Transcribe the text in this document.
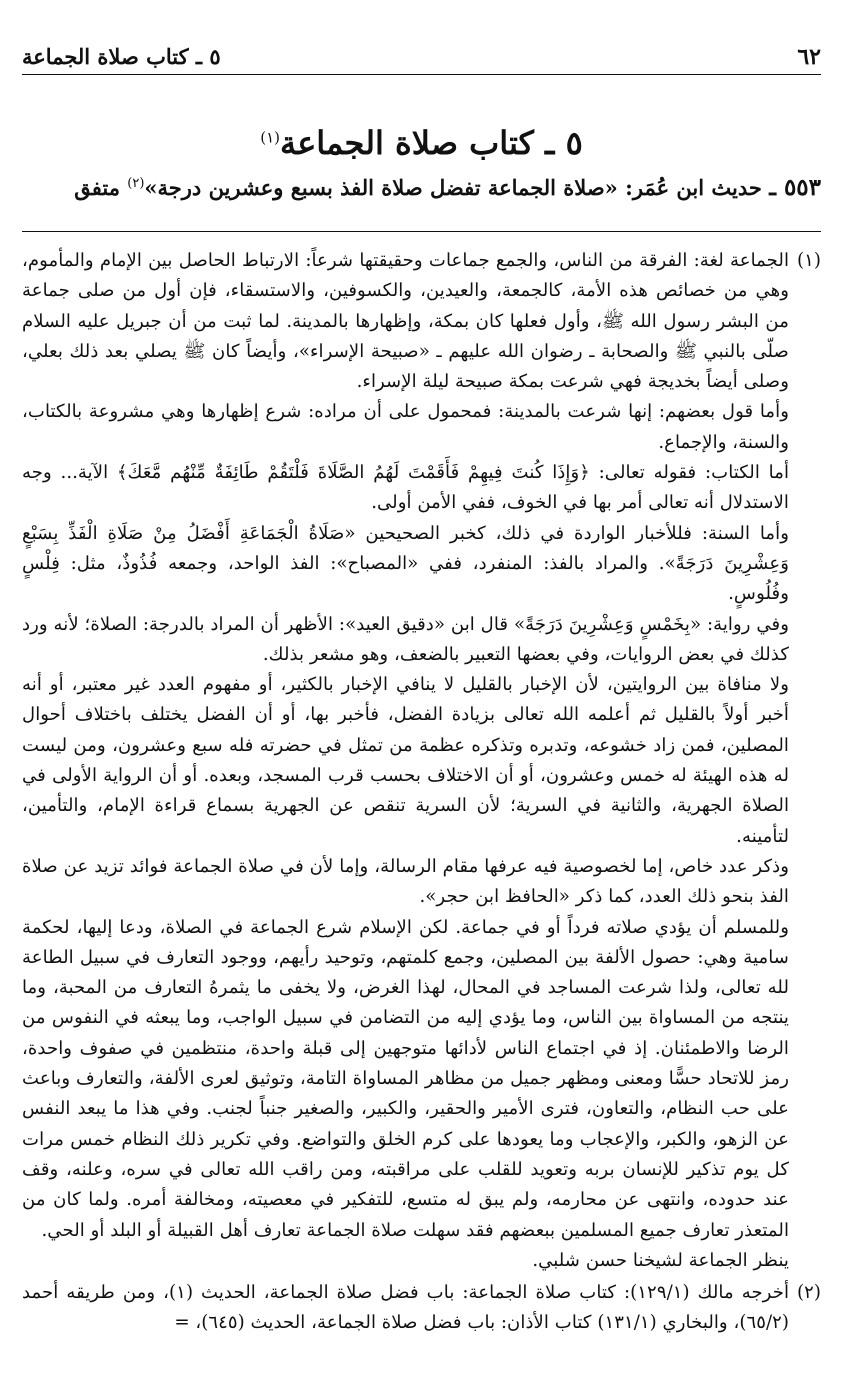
٥ ـ كتاب صلاة الجماعة	٦٢
٥ ـ كتاب صلاة الجماعة$^{(١)}$
٥٥٣ ـ حديث ابن عُمَر: «صلاة الجماعة تفضل صلاة الفذ بسبع وعشرين درجة»$^{(٢)}$ متفق
(١)

الجماعة لغة: الفرقة من الناس، والجمع جماعات وحقيقتها شرعاً: الارتباط الحاصل بين الإمام والمأموم، وهي من خصائص هذه الأمة، كالجمعة، والعيدين، والكسوفين، والاستسقاء، فإن أول من صلى جماعة من البشر رسول الله ﷺ، وأول فعلها كان بمكة، وإظهارها بالمدينة. لما ثبت من أن جبريل عليه السلام صلّى بالنبي ﷺ والصحابة ـ رضوان الله عليهم ـ «صبيحة الإسراء»، وأيضاً كان ﷺ يصلي بعد ذلك بعلي، وصلى أيضاً بخديجة فهي شرعت بمكة صبيحة ليلة الإسراء.

وأما قول بعضهم: إنها شرعت بالمدينة: فمحمول على أن مراده: شرع إظهارها وهي مشروعة بالكتاب، والسنة، والإجماع.

أما الكتاب: فقوله تعالى: ﴿وَإِذَا كُنتَ فِيهِمْ فَأَقَمْتَ لَهُمُ الصَّلَاةَ فَلْتَقُمْ طَائِفَةٌ مِّنْهُم مَّعَكَ﴾ الآية... وجه الاستدلال أنه تعالى أمر بها في الخوف، ففي الأمن أولى.

وأما السنة: فللأخبار الواردة في ذلك، كخبر الصحيحين «صَلَاةُ الْجَمَاعَةِ أَفْضَلُ مِنْ صَلَاةِ الْفَذِّ بِسَبْعٍ وَعِشْرِينَ دَرَجَةً». والمراد بالفذ: المنفرد، ففي «المصباح»: الفذ الواحد، وجمعه فُذُوذٌ، مثل: فِلْسٍ وفُلُوسٍ.

وفي رواية: «بِخَمْسٍ وَعِشْرِينَ دَرَجَةً» قال ابن «دقيق العيد»: الأظهر أن المراد بالدرجة: الصلاة؛ لأنه ورد كذلك في بعض الروايات، وفي بعضها التعبير بالضعف، وهو مشعر بذلك.

ولا منافاة بين الروايتين، لأن الإخبار بالقليل لا ينافي الإخبار بالكثير، أو مفهوم العدد غير معتبر، أو أنه أخبر أولاً بالقليل ثم أعلمه الله تعالى بزيادة الفضل، فأخبر بها، أو أن الفضل يختلف باختلاف أحوال المصلين، فمن زاد خشوعه، وتدبره وتذكره عظمة من تمثل في حضرته فله سبع وعشرون، ومن ليست له هذه الهيئة له خمس وعشرون، أو أن الاختلاف بحسب قرب المسجد، وبعده. أو أن الرواية الأولى في الصلاة الجهرية، والثانية في السرية؛ لأن السرية تنقص عن الجهرية بسماع قراءة الإمام، والتأمين، لتأمينه.

وذكر عدد خاص، إما لخصوصية فيه عرفها مقام الرسالة، وإما لأن في صلاة الجماعة فوائد تزيد عن صلاة الفذ بنحو ذلك العدد، كما ذكر «الحافظ ابن حجر».

وللمسلم أن يؤدي صلاته فرداً أو في جماعة. لكن الإسلام شرع الجماعة في الصلاة، ودعا إليها، لحكمة سامية وهي: حصول الألفة بين المصلين، وجمع كلمتهم، وتوحيد رأيهم، ووجود التعارف في سبيل الطاعة لله تعالى، ولذا شرعت المساجد في المحال، لهذا الغرض، ولا يخفى ما يثمرهُ التعارف من المحبة، وما ينتجه من المساواة بين الناس، وما يؤدي إليه من التضامن في سبيل الواجب، وما يبعثه في النفوس من الرضا والاطمئنان. إذ في اجتماع الناس لأدائها متوجهين إلى قبلة واحدة، منتظمين في صفوف واحدة، رمز للاتحاد حسًّا ومعنى ومظهر جميل من مظاهر المساواة التامة، وتوثيق لعرى الألفة، والتعارف وباعث على حب النظام، والتعاون، فترى الأمير والحقير، والكبير، والصغير جنباً لجنب. وفي هذا ما يبعد النفس عن الزهو، والكبر، والإعجاب وما يعودها على كرم الخلق والتواضع. وفي تكرير ذلك النظام خمس مرات كل يوم تذكير للإنسان بربه وتعويد للقلب على مراقبته، ومن راقب الله تعالى في سره، وعلنه، وقف عند حدوده، وانتهى عن محارمه، ولم يبق له متسع، للتفكير في معصيته، ومخالفة أمره. ولما كان من المتعذر تعارف جميع المسلمين ببعضهم فقد سهلت صلاة الجماعة تعارف أهل القبيلة أو البلد أو الحي.

ينظر الجماعة لشيخنا حسن شلبي.

(٢)

أخرجه مالك (١٢٩/١): كتاب صلاة الجماعة: باب فضل صلاة الجماعة، الحديث (١)، ومن طريقه أحمد (٦٥/٢)، والبخاري (١٣١/١) كتاب الأذان: باب فضل صلاة الجماعة، الحديث (٦٤٥)، =
